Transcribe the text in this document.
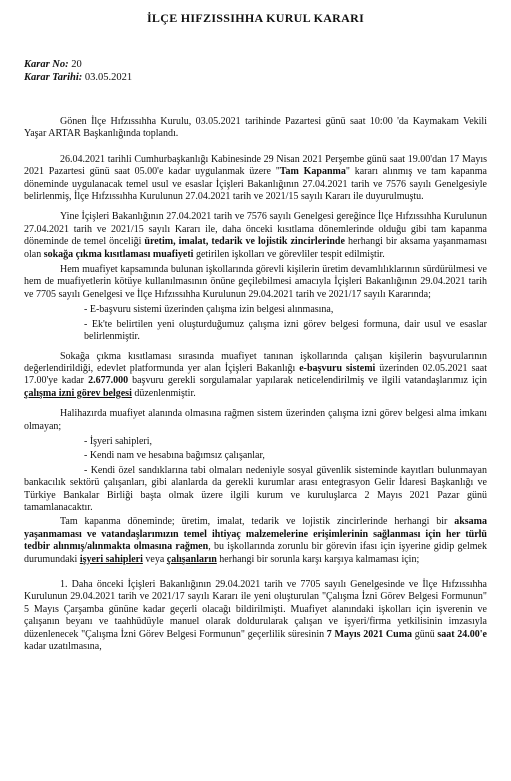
İLÇE HIFZISSIHHA KURUL KARARI
Karar No: 20
Karar Tarihi: 03.05.2021

Gönen İlçe Hıfzıssıhha Kurulu, 03.05.2021 tarihinde Pazartesi günü saat 10:00 'da Kaymakam Vekili Yaşar ARTAR Başkanlığında toplandı.

26.04.2021 tarihli Cumhurbaşkanlığı Kabinesinde 29 Nisan 2021 Perşembe günü saat 19.00'dan 17 Mayıs 2021 Pazartesi günü saat 05.00'e kadar uygulanmak üzere "Tam Kapanma" kararı alınmış ve tam kapanma döneminde uygulanacak temel usul ve esaslar İçişleri Bakanlığının 27.04.2021 tarih ve 7576 sayılı Genelgesiyle belirlenmiş, İlçe Hıfzıssıhha Kurulunun 27.04.2021 tarih ve 2021/15 sayılı Kararı ile duyurulmuştu.

Yine İçişleri Bakanlığının 27.04.2021 tarih ve 7576 sayılı Genelgesi gereğince İlçe Hıfzıssıhha Kurulunun 27.04.2021 tarih ve 2021/15 sayılı Kararı ile, daha önceki kısıtlama dönemlerinde olduğu gibi tam kapanma döneminde de temel önceliği üretim, imalat, tedarik ve lojistik zincirlerinde herhangi bir aksama yaşanmaması olan sokağa çıkma kısıtlaması muafiyeti getirilen işkolları ve görevliler tespit edilmiştir.

Hem muafiyet kapsamında bulunan işkollarında görevli kişilerin üretim devamlılıklarının sürdürülmesi ve hem de muafiyetlerin kötüye kullanılmasının önüne geçilebilmesi amacıyla İçişleri Bakanlığının 29.04.2021 tarih ve 7705 sayılı Genelgesi ve İlçe Hıfzıssıhha Kurulunun 29.04.2021 tarih ve 2021/17 sayılı Kararında;

- E-başvuru sistemi üzerinden çalışma izin belgesi alınmasına,

- Ek'te belirtilen yeni oluşturduğumuz çalışma izni görev belgesi formuna, dair usul ve esaslar belirlenmiştir.

Sokağa çıkma kısıtlaması sırasında muafiyet tanınan işkollarında çalışan kişilerin başvurularının değerlendirildiği, edevlet platformunda yer alan İçişleri Bakanlığı e-başvuru sistemi üzerinden 02.05.2021 saat 17.00'ye kadar 2.677.000 başvuru gerekli sorgulamalar yapılarak neticelendirilmiş ve ilgili vatandaşlarımız için çalışma izni görev belgesi düzenlenmiştir.

Halihazırda muafiyet alanında olmasına rağmen sistem üzerinden çalışma izni görev belgesi alma imkanı olmayan;

- İşyeri sahipleri,

- Kendi nam ve hesabına bağımsız çalışanlar,

- Kendi özel sandıklarına tabi olmaları nedeniyle sosyal güvenlik sisteminde kayıtları bulunmayan bankacılık sektörü çalışanları, gibi alanlarda da gerekli kurumlar arası entegrasyon Gelir İdaresi Başkanlığı ve Türkiye Bankalar Birliği başta olmak üzere ilgili kurum ve kuruluşlarca 2 Mayıs 2021 Pazar günü tamamlanacaktır.

Tam kapanma döneminde; üretim, imalat, tedarik ve lojistik zincirlerinde herhangi bir aksama yaşanmaması ve vatandaşlarımızın temel ihtiyaç malzemelerine erişimlerinin sağlanması için her türlü tedbir alınmış/alınmakta olmasına rağmen, bu işkollarında zorunlu bir görevin ifası için işyerine gidip gelmek durumundaki işyeri sahipleri veya çalışanların herhangi bir sorunla karşı karşıya kalmaması için;

1. Daha önceki İçişleri Bakanlığının 29.04.2021 tarih ve 7705 sayılı Genelgesinde ve İlçe Hıfzıssıhha Kurulunun 29.04.2021 tarih ve 2021/17 sayılı Kararı ile yeni oluşturulan "Çalışma İzni Görev Belgesi Formunun" 5 Mayıs Çarşamba gününe kadar geçerli olacağı bildirilmişti. Muafiyet alanındaki işkolları için işverenin ve çalışanın beyanı ve taahhüdüyle manuel olarak doldurularak çalışan ve işyeri/firma yetkilisinin imzasıyla düzenlenecek "Çalışma İzni Görev Belgesi Formunun" geçerlilik süresinin 7 Mayıs 2021 Cuma günü saat 24.00'e kadar uzatılmasına,
